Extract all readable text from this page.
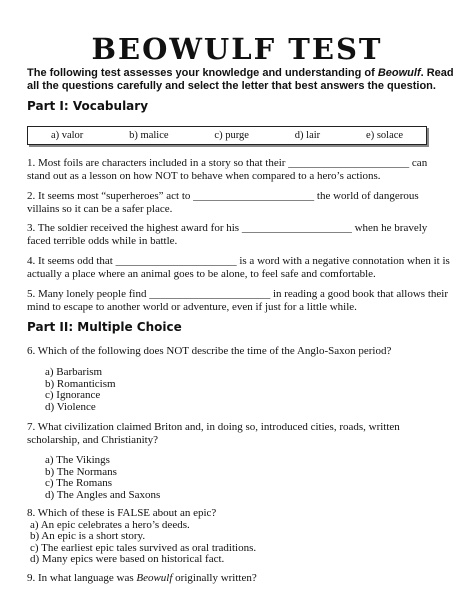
BEOWULF TEST
The following test assesses your knowledge and understanding of Beowulf. Read all the questions carefully and select the letter that best answers the question.
Part I: Vocabulary
a) valor	b) malice	c) purge	d) lair	e) solace
1. Most foils are characters included in a story so that their ______________________ can stand out as a lesson on how NOT to behave when compared to a hero’s actions.
2. It seems most “superheroes” act to ______________________ the world of dangerous villains so it can be a safer place.
3. The soldier received the highest award for his ____________________ when he bravely faced terrible odds while in battle.
4. It seems odd that ______________________ is a word with a negative connotation when it is actually a place where an animal goes to be alone, to feel safe and comfortable.
5. Many lonely people find ______________________ in reading a good book that allows their mind to escape to another world or adventure, even if just for a little while.
Part II: Multiple Choice
6. Which of the following does NOT describe the time of the Anglo-Saxon period?
a) Barbarism
b) Romanticism
c) Ignorance
d) Violence
7. What civilization claimed Briton and, in doing so, introduced cities, roads, written scholarship, and Christianity?
a) The Vikings
b) The Normans
c) The Romans
d) The Angles and Saxons
8. Which of these is FALSE about an epic?
a) An epic celebrates a hero’s deeds.
b) An epic is a short story.
c) The earliest epic tales survived as oral traditions.
d) Many epics were based on historical fact.
9. In what language was Beowulf originally written?
